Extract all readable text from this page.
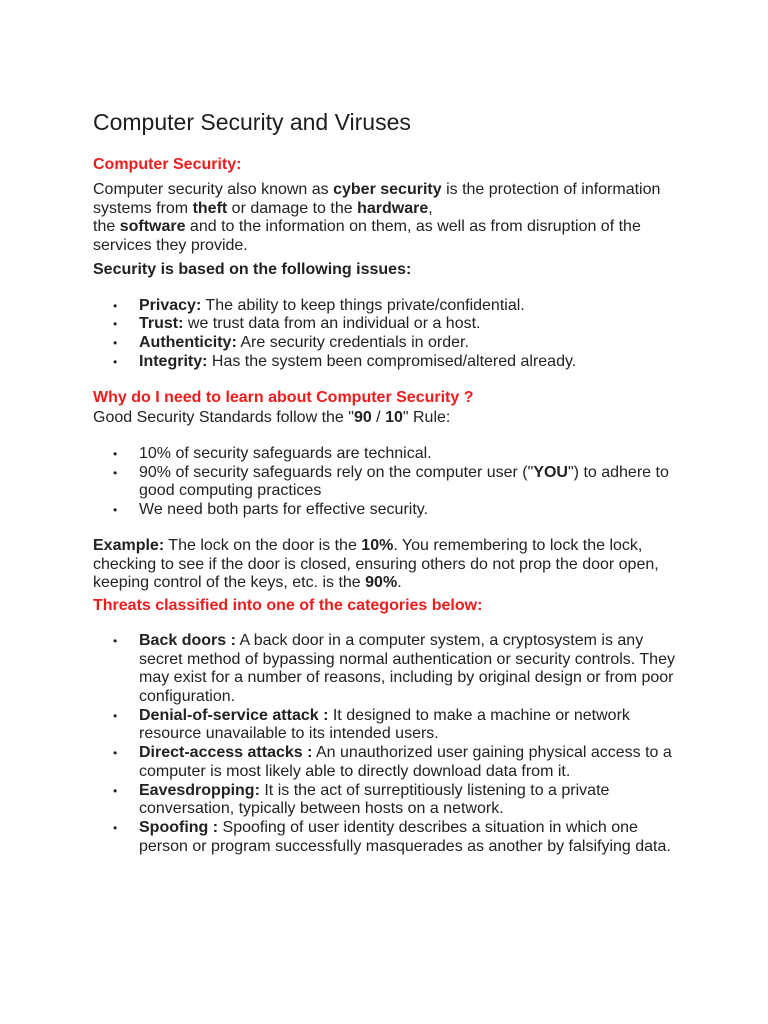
Computer Security and Viruses
Computer Security:

Computer security also known as cyber security is the protection of information systems from theft or damage to the hardware,
the software and to the information on them, as well as from disruption of the services they provide.

Security is based on the following issues:

• Privacy: The ability to keep things private/confidential.
• Trust: we trust data from an individual or a host.
• Authenticity: Are security credentials in order.
• Integrity: Has the system been compromised/altered already.
Why do I need to learn about Computer Security ?

Good Security Standards follow the "90 / 10" Rule:

• 10% of security safeguards are technical.
• 90% of security safeguards rely on the computer user ("YOU") to adhere to good computing practices
• We need both parts for effective security.

Example: The lock on the door is the 10%. You remembering to lock the lock, checking to see if the door is closed, ensuring others do not prop the door open, keeping control of the keys, etc. is the 90%.

Threats classified into one of the categories below:
• Back doors : A back door in a computer system, a cryptosystem is any secret method of bypassing normal authentication or security controls. They may exist for a number of reasons, including by original design or from poor configuration.
• Denial-of-service attack : It designed to make a machine or network resource unavailable to its intended users.
• Direct-access attacks : An unauthorized user gaining physical access to a computer is most likely able to directly download data from it.
• Eavesdropping: It is the act of surreptitiously listening to a private conversation, typically between hosts on a network.
• Spoofing : Spoofing of user identity describes a situation in which one person or program successfully masquerades as another by falsifying data.
